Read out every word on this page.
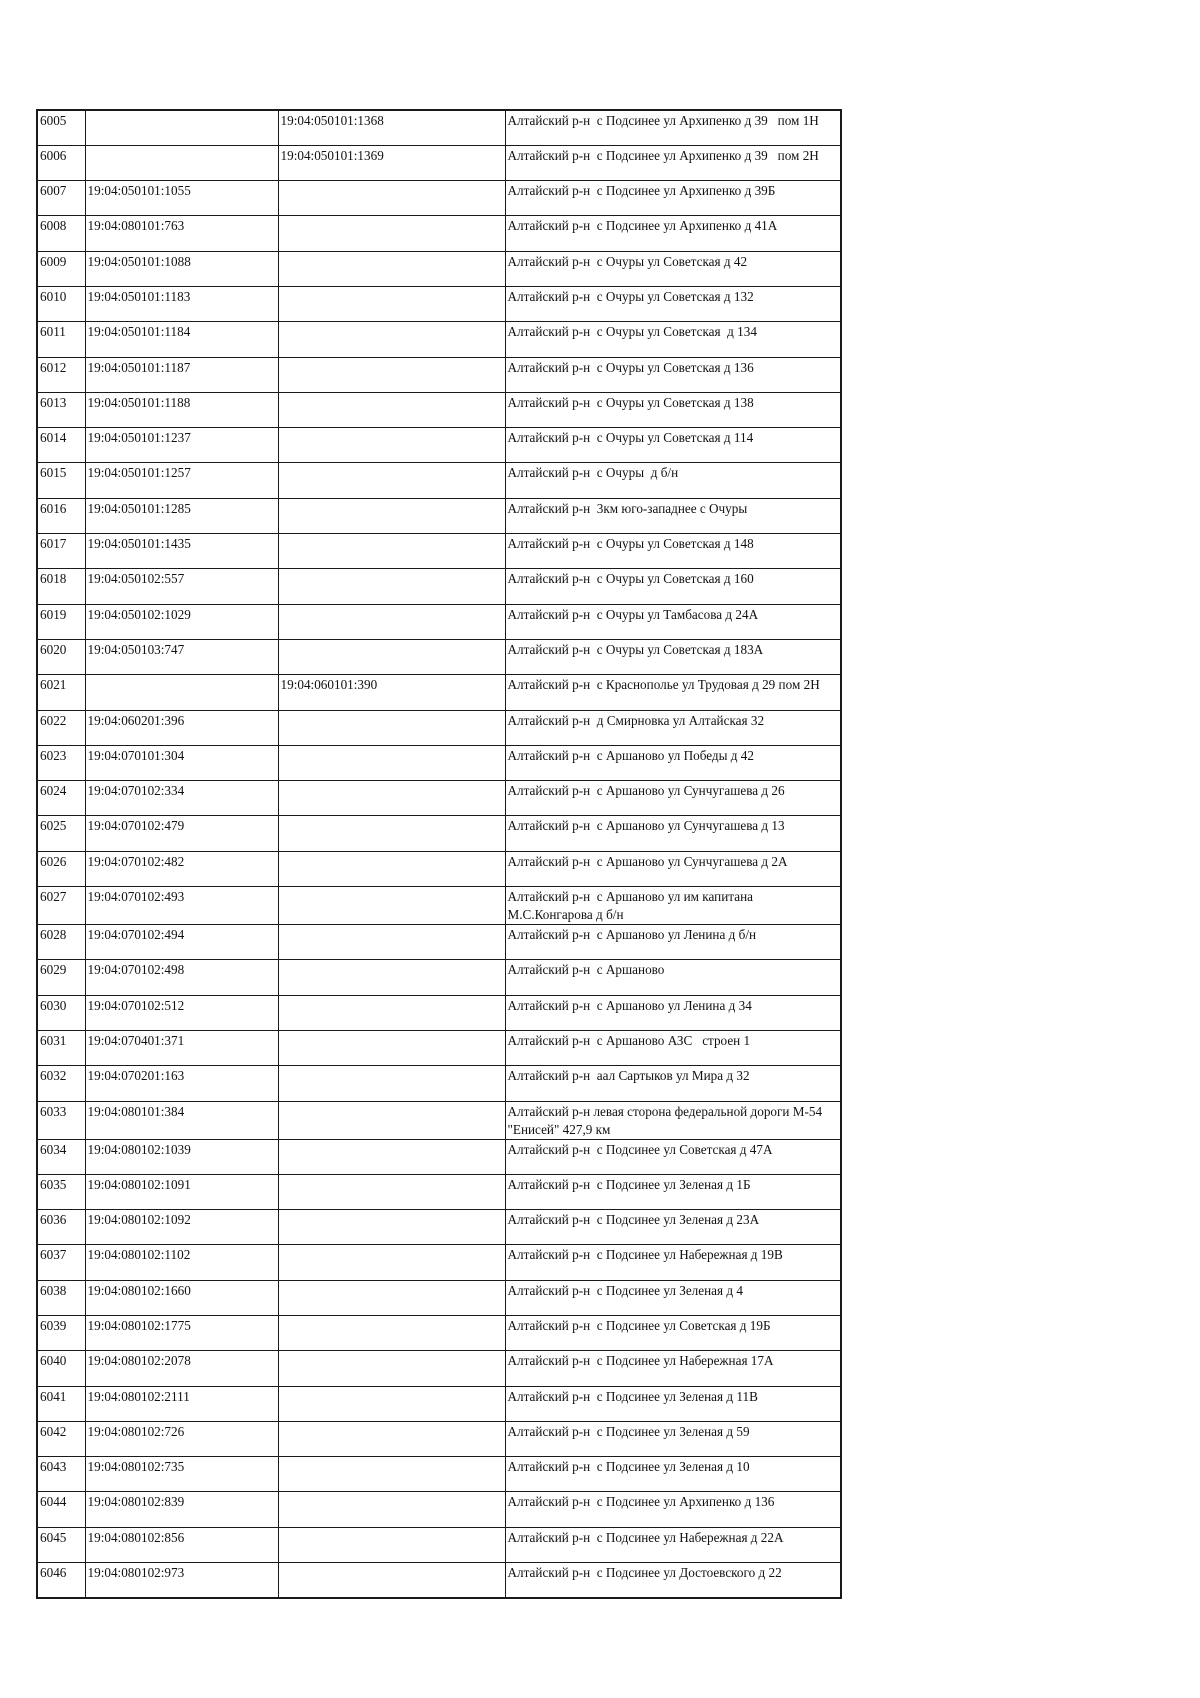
6005		19:04:050101:1368	Алтайский р-н  с Подсинее ул Архипенко д 39   пом 1Н
6006		19:04:050101:1369	Алтайский р-н  с Подсинее ул Архипенко д 39   пом 2Н
6007	19:04:050101:1055		Алтайский р-н  с Подсинее ул Архипенко д 39Б
6008	19:04:080101:763		Алтайский р-н  с Подсинее ул Архипенко д 41А
6009	19:04:050101:1088		Алтайский р-н  с Очуры ул Советская д 42
6010	19:04:050101:1183		Алтайский р-н  с Очуры ул Советская д 132
6011	19:04:050101:1184		Алтайский р-н  с Очуры ул Советская  д 134
6012	19:04:050101:1187		Алтайский р-н  с Очуры ул Советская д 136
6013	19:04:050101:1188		Алтайский р-н  с Очуры ул Советская д 138
6014	19:04:050101:1237		Алтайский р-н  с Очуры ул Советская д 114
6015	19:04:050101:1257		Алтайский р-н  с Очуры  д б/н
6016	19:04:050101:1285		Алтайский р-н  3км юго-западнее с Очуры
6017	19:04:050101:1435		Алтайский р-н  с Очуры ул Советская д 148
6018	19:04:050102:557		Алтайский р-н  с Очуры ул Советская д 160
6019	19:04:050102:1029		Алтайский р-н  с Очуры ул Тамбасова д 24А
6020	19:04:050103:747		Алтайский р-н  с Очуры ул Советская д 183А
6021		19:04:060101:390	Алтайский р-н  с Краснополье ул Трудовая д 29 пом 2Н
6022	19:04:060201:396		Алтайский р-н  д Смирновка ул Алтайская 32
6023	19:04:070101:304		Алтайский р-н  с Аршаново ул Победы д 42
6024	19:04:070102:334		Алтайский р-н  с Аршаново ул Сунчугашева д 26
6025	19:04:070102:479		Алтайский р-н  с Аршаново ул Сунчугашева д 13
6026	19:04:070102:482		Алтайский р-н  с Аршаново ул Сунчугашева д 2А
6027	19:04:070102:493		Алтайский р-н  с Аршаново ул им капитана М.С.Конгарова д б/н
6028	19:04:070102:494		Алтайский р-н  с Аршаново ул Ленина д б/н
6029	19:04:070102:498		Алтайский р-н  с Аршаново
6030	19:04:070102:512		Алтайский р-н  с Аршаново ул Ленина д 34
6031	19:04:070401:371		Алтайский р-н  с Аршаново АЗС   строен 1
6032	19:04:070201:163		Алтайский р-н  аал Сартыков ул Мира д 32
6033	19:04:080101:384		Алтайский р-н левая сторона федеральной дороги М-54 "Енисей" 427,9 км
6034	19:04:080102:1039		Алтайский р-н  с Подсинее ул Советская д 47А
6035	19:04:080102:1091		Алтайский р-н  с Подсинее ул Зеленая д 1Б
6036	19:04:080102:1092		Алтайский р-н  с Подсинее ул Зеленая д 23А
6037	19:04:080102:1102		Алтайский р-н  с Подсинее ул Набережная д 19В
6038	19:04:080102:1660		Алтайский р-н  с Подсинее ул Зеленая д 4
6039	19:04:080102:1775		Алтайский р-н  с Подсинее ул Советская д 19Б
6040	19:04:080102:2078		Алтайский р-н  с Подсинее ул Набережная 17А
6041	19:04:080102:2111		Алтайский р-н  с Подсинее ул Зеленая д 11В
6042	19:04:080102:726		Алтайский р-н  с Подсинее ул Зеленая д 59
6043	19:04:080102:735		Алтайский р-н  с Подсинее ул Зеленая д 10
6044	19:04:080102:839		Алтайский р-н  с Подсинее ул Архипенко д 136
6045	19:04:080102:856		Алтайский р-н  с Подсинее ул Набережная д 22А
6046	19:04:080102:973		Алтайский р-н  с Подсинее ул Достоевского д 22
